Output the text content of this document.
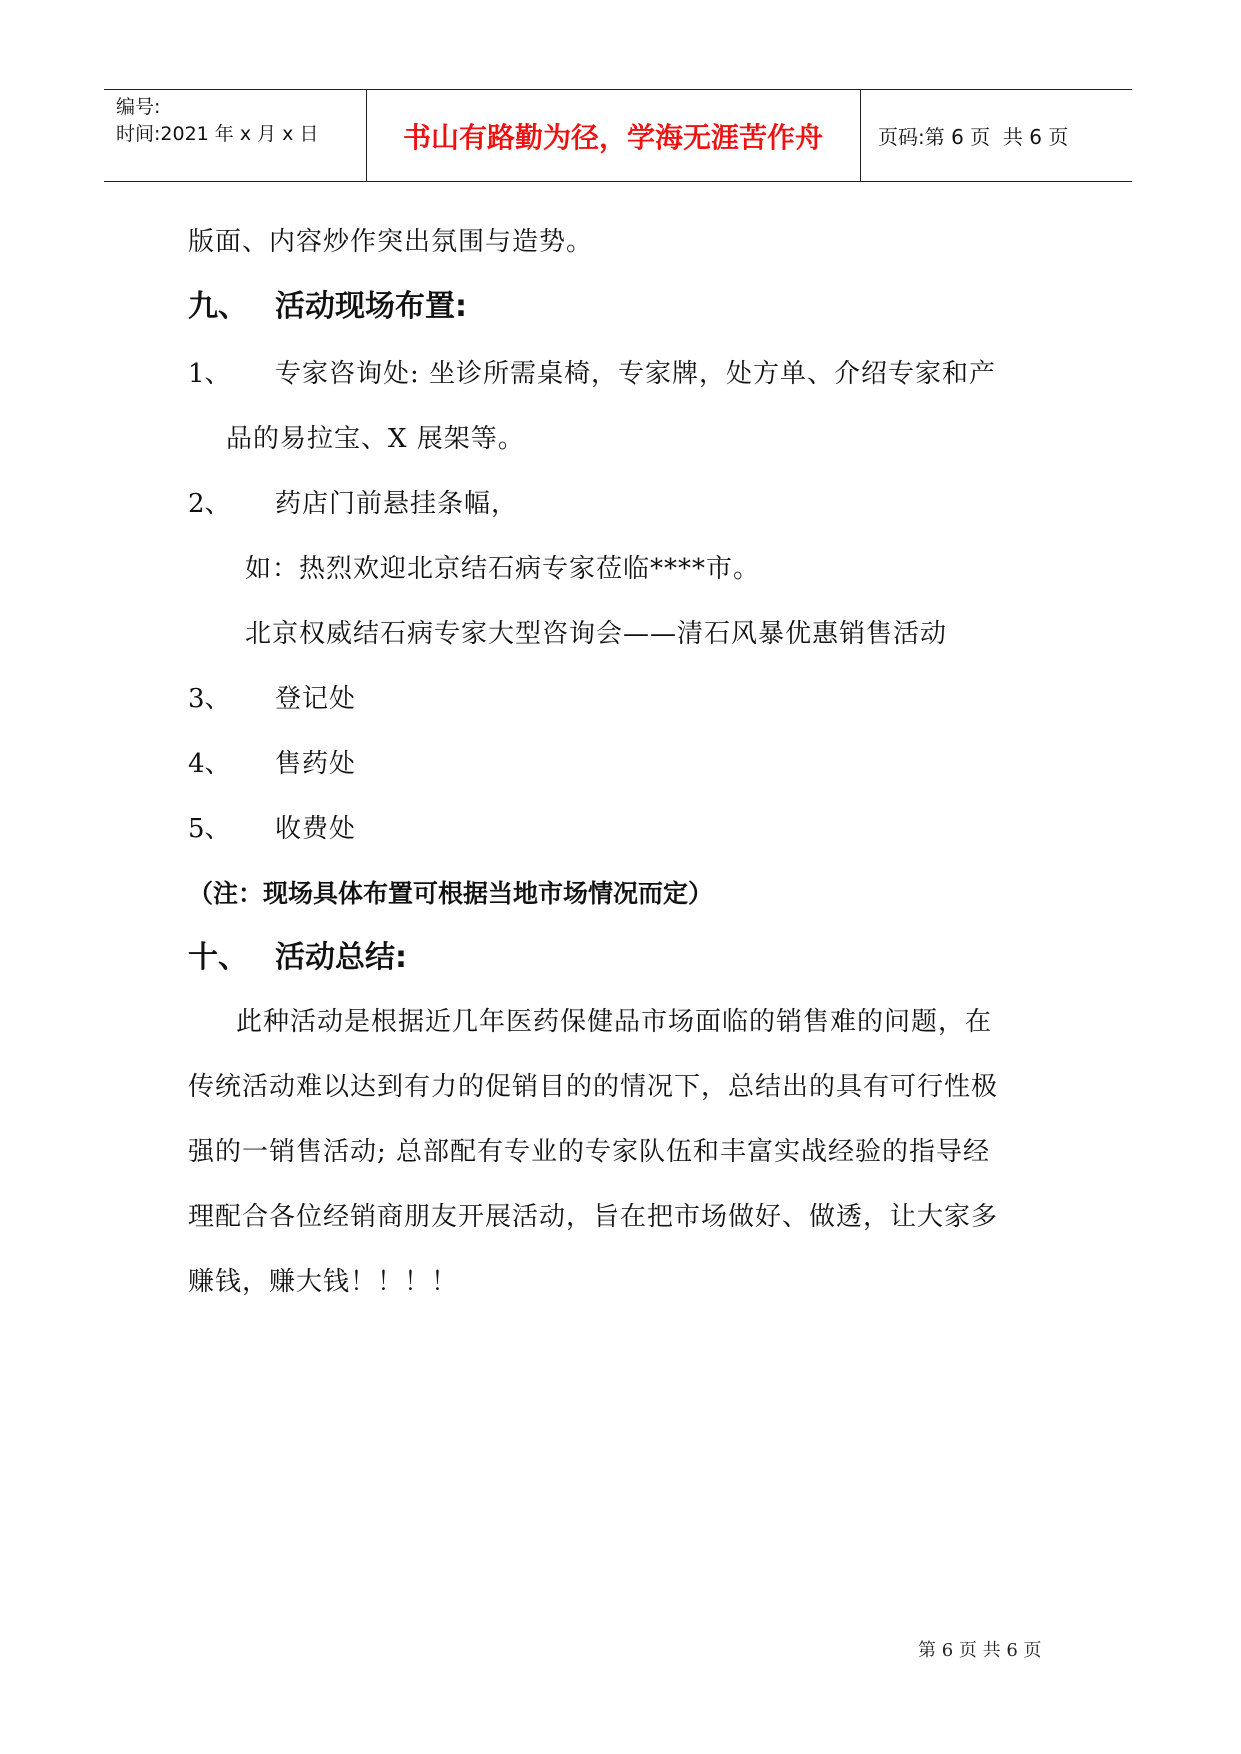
编号:
时间:2021 年 x 月 x 日	书山有路勤为径，学海无涯苦作舟	页码:第 6 页  共 6 页
版面、内容炒作突出氛围与造势。
九、 活动现场布置:
1、 专家咨询处: 坐诊所需桌椅，专家牌，处方单、介绍专家和产
品的易拉宝、X 展架等。
2、 药店门前悬挂条幅，
如：热烈欢迎北京结石病专家莅临****市。
北京权威结石病专家大型咨询会——清石风暴优惠销售活动
3、 登记处
4、 售药处
5、 收费处
（注：现场具体布置可根据当地市场情况而定）
十、 活动总结:
此种活动是根据近几年医药保健品市场面临的销售难的问题，在
传统活动难以达到有力的促销目的的情况下，总结出的具有可行性极
强的一销售活动; 总部配有专业的专家队伍和丰富实战经验的指导经
理配合各位经销商朋友开展活动，旨在把市场做好、做透，让大家多
赚钱，赚大钱！！！！
第 6 页 共 6 页
